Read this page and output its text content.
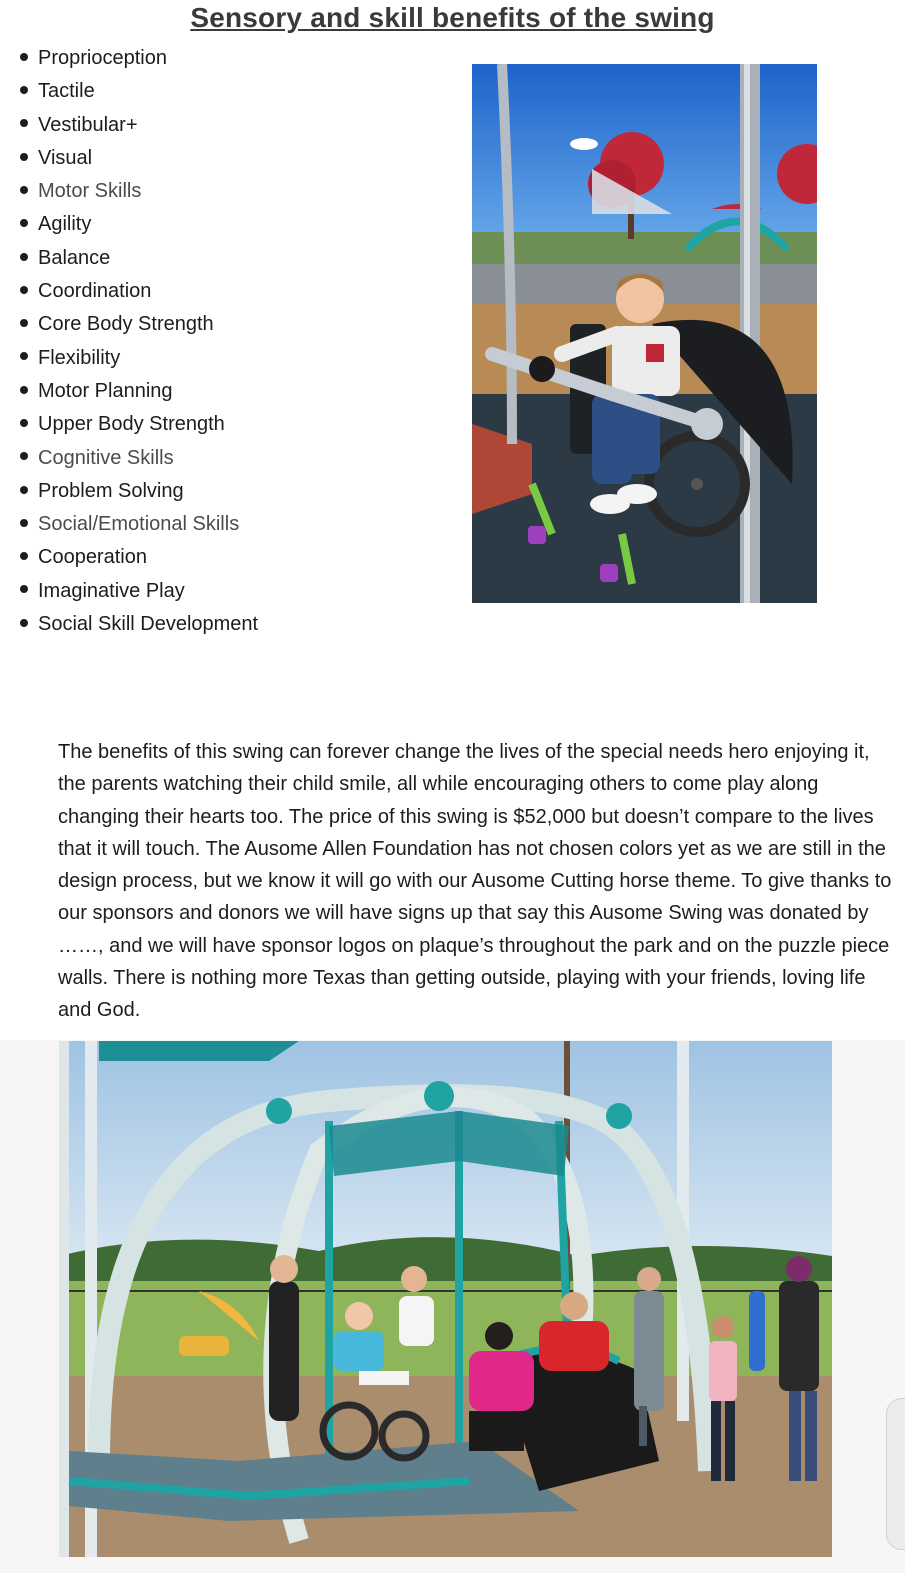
Sensory and skill benefits of the swing
Proprioception
Tactile
Vestibular+
Visual
Motor Skills
Agility
Balance
Coordination
Core Body Strength
Flexibility
Motor Planning
Upper Body Strength
Cognitive Skills
Problem Solving
Social/Emotional Skills
Cooperation
Imaginative Play
Social Skill Development

The benefits of this swing can forever change the lives of the special needs hero enjoying it,
the parents watching their child smile, all while encouraging others to come play along
changing their hearts too. The price of this swing is $52,000 but doesn’t compare to the lives
that it will touch. The Ausome Allen Foundation has not chosen colors yet as we are still in the
design process, but we know it will go with our Ausome Cutting horse theme. To give thanks to
our sponsors and donors we will have signs up that say this Ausome Swing was donated by
……, and we will have sponsor logos on plaque’s throughout the park and on the puzzle piece
walls. There is nothing more Texas than getting outside, playing with your friends, loving life
and God.
